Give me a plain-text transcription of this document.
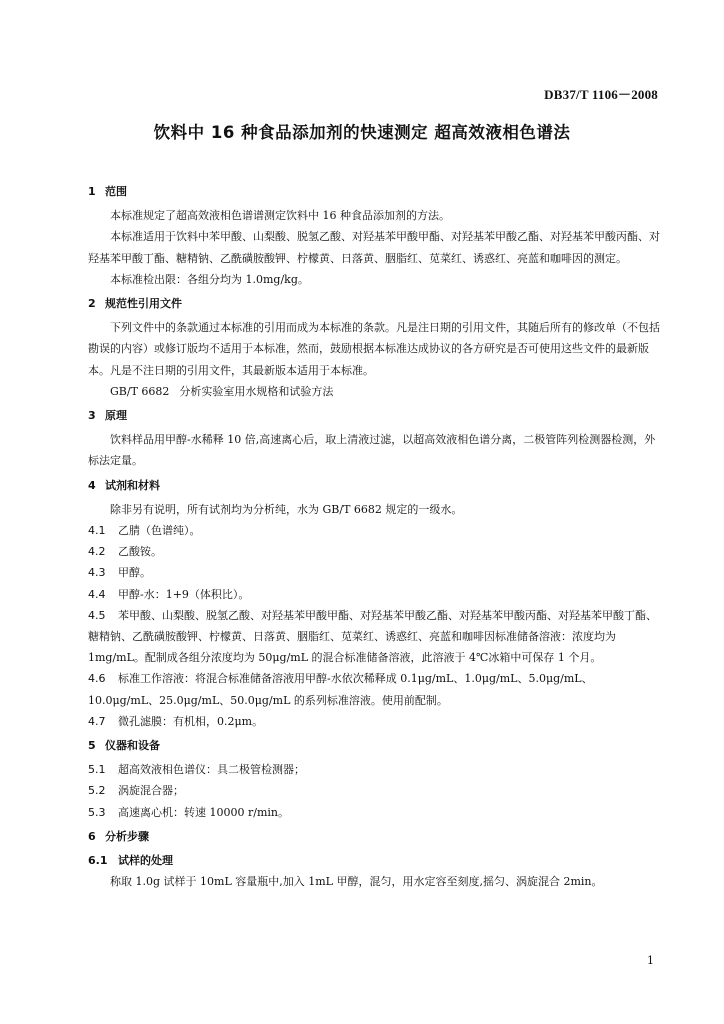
DB37/T 1106－2008
饮料中 16 种食品添加剂的快速测定 超高效液相色谱法
1 范围

本标准规定了超高效液相色谱谱测定饮料中 16 种食品添加剂的方法。

本标准适用于饮料中苯甲酸、山梨酸、脱氢乙酸、对羟基苯甲酸甲酯、对羟基苯甲酸乙酯、对羟基苯甲酸丙酯、对羟基苯甲酸丁酯、糖精钠、乙酰磺胺酸钾、柠檬黄、日落黄、胭脂红、苋菜红、诱惑红、亮蓝和咖啡因的测定。

本标准检出限：各组分均为 1.0mg/kg。

2 规范性引用文件

下列文件中的条款通过本标准的引用而成为本标准的条款。凡是注日期的引用文件，其随后所有的修改单（不包括勘误的内容）或修订版均不适用于本标准，然而，鼓励根据本标准达成协议的各方研究是否可使用这些文件的最新版本。凡是不注日期的引用文件，其最新版本适用于本标准。

GB/T 6682 分析实验室用水规格和试验方法

3 原理

饮料样品用甲醇-水稀释 10 倍,高速离心后，取上清液过滤，以超高效液相色谱分离，二极管阵列检测器检测，外标法定量。

4 试剂和材料

除非另有说明，所有试剂均为分析纯，水为 GB/T 6682 规定的一级水。

4.1 乙腈（色谱纯）。

4.2 乙酸铵。

4.3 甲醇。

4.4 甲醇-水：1+9（体积比）。

4.5 苯甲酸、山梨酸、脱氢乙酸、对羟基苯甲酸甲酯、对羟基苯甲酸乙酯、对羟基苯甲酸丙酯、对羟基苯甲酸丁酯、糖精钠、乙酰磺胺酸钾、柠檬黄、日落黄、胭脂红、苋菜红、诱惑红、亮蓝和咖啡因标准储备溶液：浓度均为 1mg/mL。配制成各组分浓度均为 50μg/mL 的混合标准储备溶液，此溶液于 4℃冰箱中可保存 1 个月。

4.6 标准工作溶液：将混合标准储备溶液用甲醇-水依次稀释成 0.1μg/mL、1.0μg/mL、5.0μg/mL、10.0μg/mL、25.0μg/mL、50.0μg/mL 的系列标准溶液。使用前配制。

4.7 微孔滤膜：有机相，0.2μm。

5 仪器和设备

5.1 超高效液相色谱仪：具二极管检测器；

5.2 涡旋混合器；

5.3 高速离心机：转速 10000 r/min。

6 分析步骤
6.1 试样的处理

称取 1.0g 试样于 10mL 容量瓶中,加入 1mL 甲醇，混匀，用水定容至刻度,摇匀、涡旋混合 2min。

1
